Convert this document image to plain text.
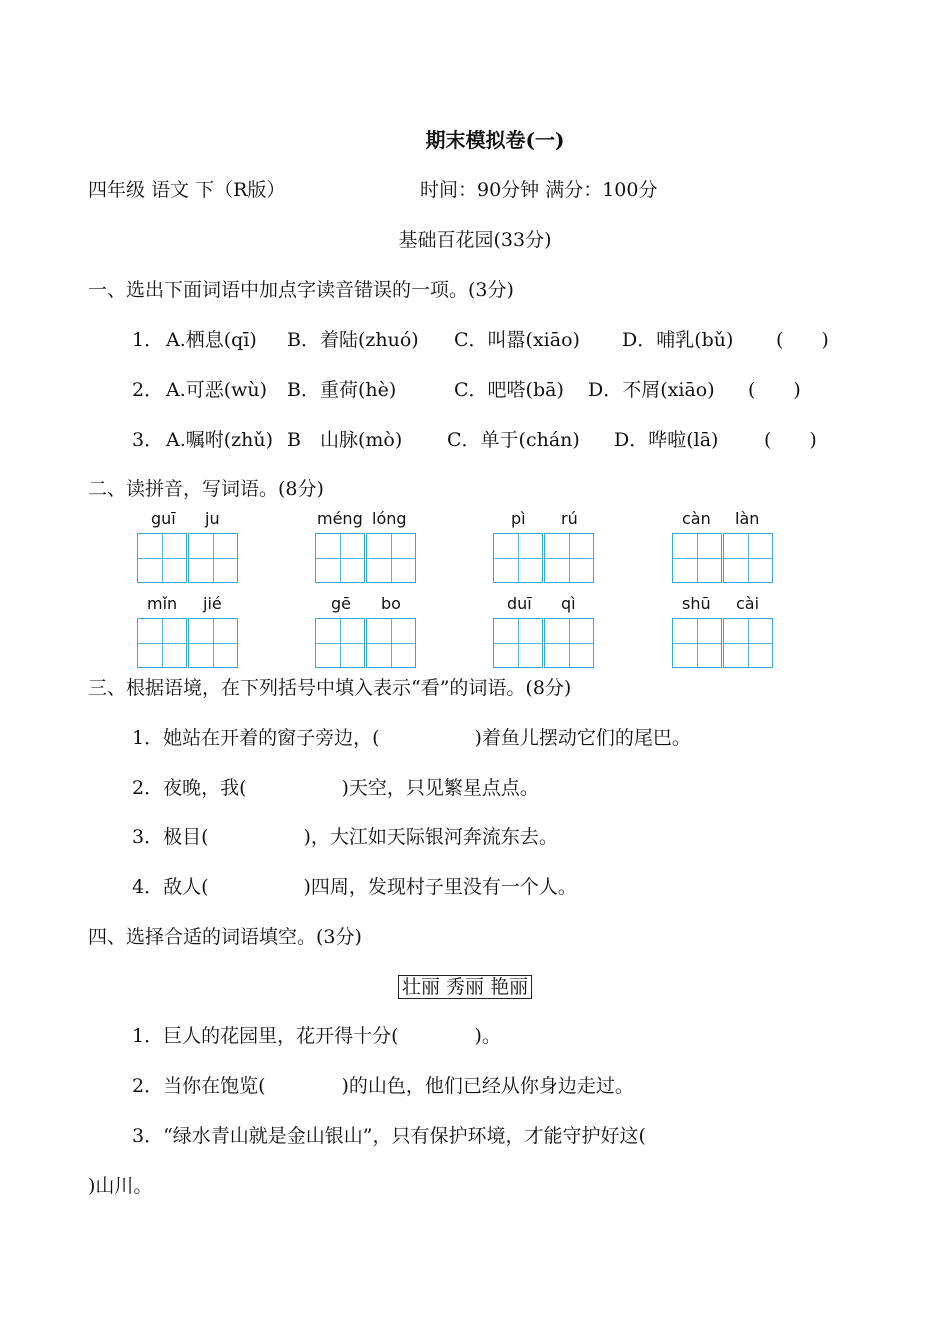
期末模拟卷(一)
四年级 语文 下（R版）	时间：90分钟 满分：100分
基础百花园(33分)
一、选出下面词语中加点字读音错误的一项。(3分)
1． A.栖息(qī) B．着陆(zhuó) C．叫嚣(xiāo) D．哺乳(bǔ) (　　)
2． A.可恶(wù) B．重荷(hè)	C．吧嗒(bā) D．不屑(xiāo) (　　)
3． A.嘱咐(zhǔ) B　山脉(mò) C．单于(chán) D．哗啦(lā) (　　)
二、读拼音，写词语。(8分)
guī ju	méng lóng	pì rú	càn làn
mǐn jié	gē bo	duī qì	shū cài
三、根据语境，在下列括号中填入表示“看”的词语。(8分)
1．她站在开着的窗子旁边，(　　　　　)着鱼儿摆动它们的尾巴。
2．夜晚，我(　　　　　)天空，只见繁星点点。
3．极目(　　　　　)，大江如天际银河奔流东去。
4．敌人(　　　　　)四周，发现村子里没有一个人。
四、选择合适的词语填空。(3分)
壮丽 秀丽 艳丽
1．巨人的花园里，花开得十分(　　　　)。
2．当你在饱览(　　　　)的山色，他们已经从你身边走过。
3．“绿水青山就是金山银山”，只有保护环境，才能守护好这(
)山川。
